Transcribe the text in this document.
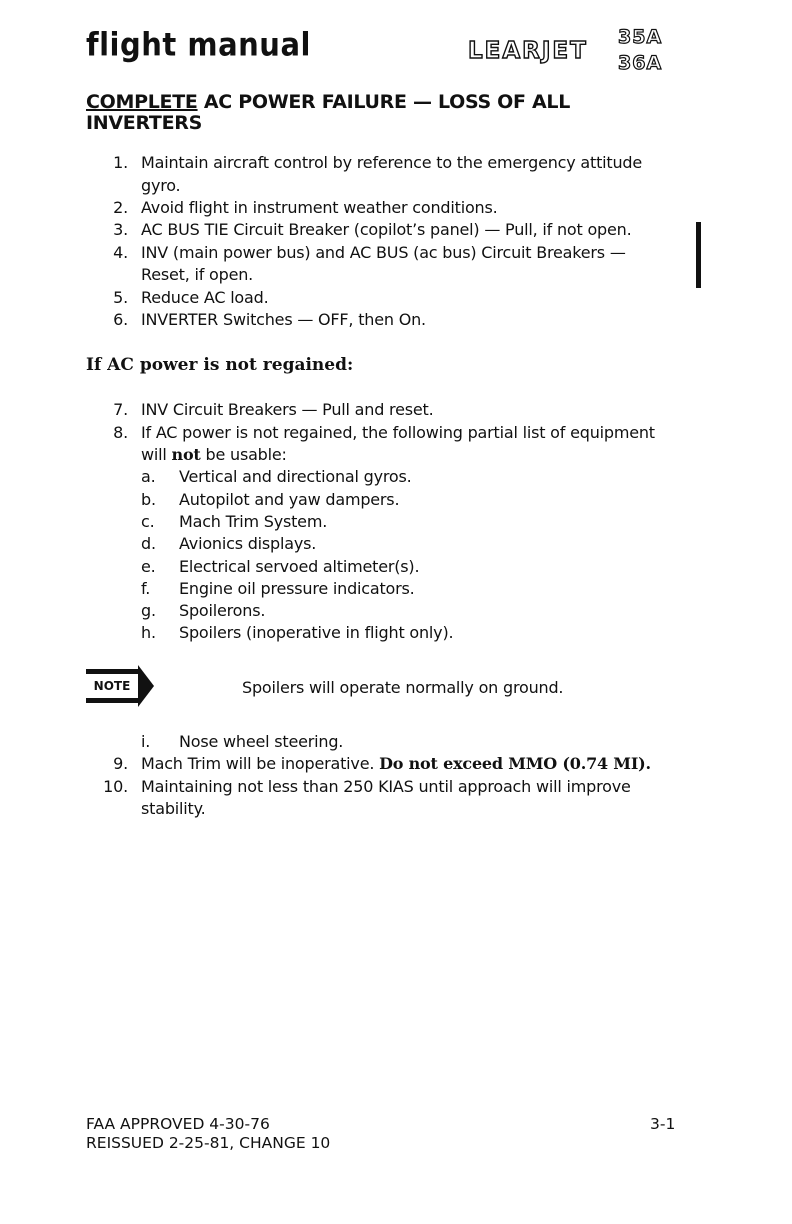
flight manual	LEARJET
35A
36A
COMPLETE AC POWER FAILURE — LOSS OF ALL
INVERTERS
1. Maintain aircraft control by reference to the emergency attitude
gyro.
2. Avoid flight in instrument weather conditions.
3. AC BUS TIE Circuit Breaker (copilot’s panel) — Pull, if not open.
4. INV (main power bus) and AC BUS (ac bus) Circuit Breakers —
Reset, if open.
5. Reduce AC load.
6. INVERTER Switches — OFF, then On.
If AC power is not regained:
7. INV Circuit Breakers — Pull and reset.
8. If AC power is not regained, the following partial list of equipment
will not be usable:
a. Vertical and directional gyros.
b. Autopilot and yaw dampers.
c. Mach Trim System.
d. Avionics displays.
e. Electrical servoed altimeter(s).
f. Engine oil pressure indicators.
g. Spoilerons.
h. Spoilers (inoperative in flight only).
NOTE	Spoilers will operate normally on ground.
i. Nose wheel steering.
9. Mach Trim will be inoperative. Do not exceed MMO (0.74 MI).
10. Maintaining not less than 250 KIAS until approach will improve
stability.
FAA APPROVED 4-30-76
REISSUED 2-25-81, CHANGE 10
3-1
